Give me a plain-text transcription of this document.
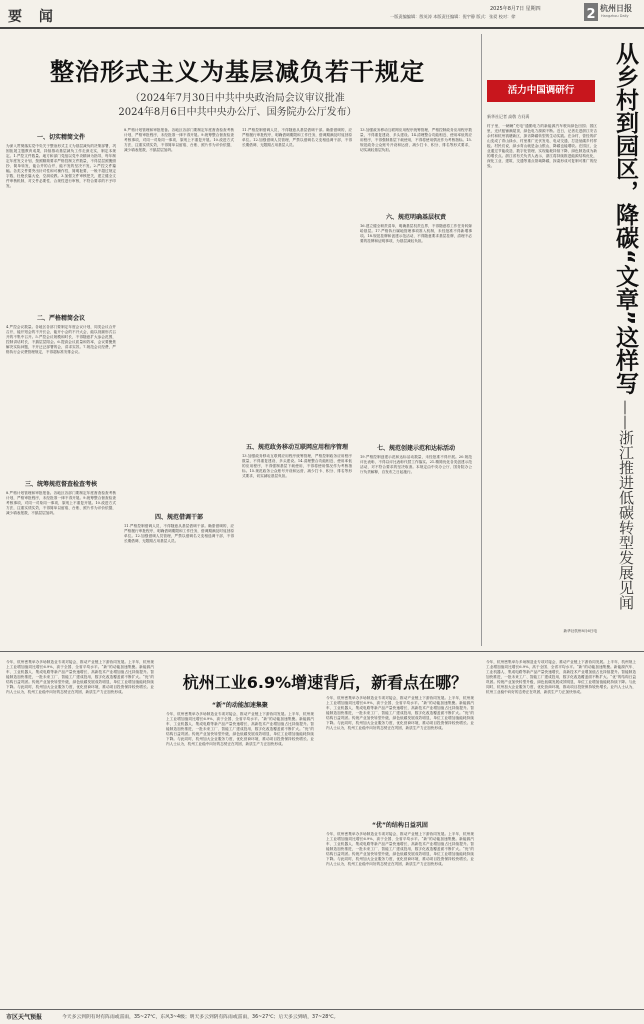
要 闻	2025年8月7日 星期四
一版责编编辑：殷英涛 本版责任编辑：倪宇静 版式：张爱 校对：徐	2 杭州日报
Hangzhou Daily
整治形式主义为基层减负若干规定
（2024年7月30日中共中央政治局会议审议批准
2024年8月6日中共中央办公厅、国务院办公厅发布）
一、切实精简文件
为深入贯彻落实党中央关于整治形式主义为基层减负的决策部署，巩固拓展主题教育成果，持续推动基层减负工作走深走实，制定本规定。1.严控文件数量。地方和部门党组以党中央精神为指导，每年制定年度发文计划，按照精简要求严格控制文件数量，不得层层照搬照抄、简单转发，能合并的合并，能不发的坚决不发。2.严控文件篇幅。各类文件要突出针对性和可操作性，简明扼要，一般不超过规定字数，杜绝长篇大论、空洞说教。3.加强文件审核把关，建立健全文件审核机制，对文件必要性、合规性进行审核，不符合要求的不予印发。
二、严格精简会议
4.严控会议数量。各地区各部门要制定年度会议计划，同类会议合并召开，能开短会的不开长会，能开小会的不开大会，能以视频形式召开的不集中召开。5.严控会议规模和时长，不得随意扩大参会范围，控制讲话时长，不搞层层陪会。6.提高会议质量和效率，会议要聚焦解决实际问题，不开泛泛部署的会，讲求实效。7.规范会议经费，严格执行会议费管理规定，不得超标准安排会议。
三、统筹规范督查检查考核
8.严格计划管理和审批报备。各地区各部门要制定年度督查检查考核计划，严格审批程序，未经批准一律不得开展。9.统筹整合督查检查考核事项，对同一对象同一事项，原则上不重复开展。10.改进方式方法，注重实绩实效，不得简单以留痕、台账、照片作为评价依据，减少填表报数，不搞层层加码。
8.严格计划管理和审批报备。各地区各部门要制定年度督查检查考核计划，严格审批程序，未经批准一律不得开展。9.统筹整合督查检查考核事项，对同一对象同一事项，原则上不重复开展。10.改进方式方法，注重实绩实效，不得简单以留痕、台账、照片作为评价依据，减少填表报数，不搞层层加码。
四、规范借调干部
11.严格控制借调人员，不得随意从基层借调干部。确需借调的，应严格履行审批程序，明确借调期限和工作任务，借调期满及时返回原单位。12.加强借调人员管理，严禁以借调名义变相选调干部，不得长期借调、无限期占用基层人员。
11.严格控制借调人员，不得随意从基层借调干部。确需借调的，应严格履行审批程序，明确借调期限和工作任务，借调期满及时返回原单位。12.加强借调人员管理，严禁以借调名义变相选调干部，不得长期借调、无限期占用基层人员。
五、规范政务移动互联网应用程序管理
13.加强政务移动互联网应用程序统筹管理，严格控制政务应用程序数量，不得重复建设、多头建设。14.清理整合功能相近、使用率低的应用程序，不得强制基层下载使用，不得将使用情况作为考核指标。15.规范政务公众账号开设和运营，减少打卡、积分、排名等形式要求，切实减轻基层负担。
13.加强政务移动互联网应用程序统筹管理，严格控制政务应用程序数量，不得重复建设、多头建设。14.清理整合功能相近、使用率低的应用程序，不得强制基层下载使用，不得将使用情况作为考核指标。15.规范政务公众账号开设和运营，减少打卡、积分、排名等形式要求，切实减轻基层负担。
六、规范明确基层权责
16.建立健全职责清单，明确基层权责边界，不得随意将工作任务转嫁给基层。17.严格执行属地管理事项准入机制，未经批准不得新增事项。18.规范挂牌和创建示范活动，不得随意要求基层挂牌，清理不必要的挂牌和证明事项，为基层减轻负担。
七、规范创建示范和达标活动
19.严格控制创建示范和达标活动数量，未经批准不得开展。20.规范评比表彰，不得以评比表彰代替工作落实。21.精简优化各类创建示范活动，对不符合要求的坚决取消。本规定由中央办公厅、国务院办公厅负责解释，自发布之日起施行。
活力中国调研行
新华社记者 高敬 方问禹	从乡村到园区，降碳“文章”这样写
——浙江推进低碳转型发展见闻
村子里，一辆辆“充电”通勤电力的新能源汽车驶向绿色田园；园区里，光伏板铺满屋顶，绿色电力源源不断。近日，记者走进浙江安吉余村和杭州钱塘新区，探访降碳转型的生动实践。在余村，曾经的矿山变成了青山绿水，村里推广光伏发电、电动交通，打造低碳乡村样板。村民们说，绿水青山就是金山银山，降碳也能增收。在园区，企业通过节能改造、数字化管理，实现能耗持续下降，绿色制造成为新的增长点。浙江省有关负责人表示，浙江将持续推进能源结构优化，深化工业、建筑、交通等重点领域降碳，探索形成可复制可推广的经验。
新华社杭州8月6日电
杭州工业6.9%增速背后，新看点在哪？
今年，杭州密集举办多场制造业专项对接会，推动产业链上下游协同发展。上半年，杭州规上工业增加值同比增长6.9%，高于全国、全省平均水平。“新”的动能加速集聚。新能源汽车、工业机器人、集成电路等新产品产量快速增长，高新技术产业增加值占比持续提升。智能制造加快推进，一批未来工厂、智能工厂建成投用，数字化改造覆盖面不断扩大。“优”的结构日益巩固。传统产业加快转型升级，绿色低碳发展成效明显，单位工业增加值能耗持续下降。与此同时，杭州加大企业服务力度，优化营商环境，推动项目投资保持较快增长。业内人士认为，杭州工业稳中向好的态势正在巩固，新质生产力正加快形成。
“新”的动能加速集聚
今年，杭州密集举办多场制造业专项对接会，推动产业链上下游协同发展。上半年，杭州规上工业增加值同比增长6.9%，高于全国、全省平均水平。“新”的动能加速集聚。新能源汽车、工业机器人、集成电路等新产品产量快速增长，高新技术产业增加值占比持续提升。智能制造加快推进，一批未来工厂、智能工厂建成投用，数字化改造覆盖面不断扩大。“优”的结构日益巩固。传统产业加快转型升级，绿色低碳发展成效明显，单位工业增加值能耗持续下降。与此同时，杭州加大企业服务力度，优化营商环境，推动项目投资保持较快增长。业内人士认为，杭州工业稳中向好的态势正在巩固，新质生产力正加快形成。
今年，杭州密集举办多场制造业专项对接会，推动产业链上下游协同发展。上半年，杭州规上工业增加值同比增长6.9%，高于全国、全省平均水平。“新”的动能加速集聚。新能源汽车、工业机器人、集成电路等新产品产量快速增长，高新技术产业增加值占比持续提升。智能制造加快推进，一批未来工厂、智能工厂建成投用，数字化改造覆盖面不断扩大。“优”的结构日益巩固。传统产业加快转型升级，绿色低碳发展成效明显，单位工业增加值能耗持续下降。与此同时，杭州加大企业服务力度，优化营商环境，推动项目投资保持较快增长。业内人士认为，杭州工业稳中向好的态势正在巩固，新质生产力正加快形成。
“优”的结构日益巩固
今年，杭州密集举办多场制造业专项对接会，推动产业链上下游协同发展。上半年，杭州规上工业增加值同比增长6.9%，高于全国、全省平均水平。“新”的动能加速集聚。新能源汽车、工业机器人、集成电路等新产品产量快速增长，高新技术产业增加值占比持续提升。智能制造加快推进，一批未来工厂、智能工厂建成投用，数字化改造覆盖面不断扩大。“优”的结构日益巩固。传统产业加快转型升级，绿色低碳发展成效明显，单位工业增加值能耗持续下降。与此同时，杭州加大企业服务力度，优化营商环境，推动项目投资保持较快增长。业内人士认为，杭州工业稳中向好的态势正在巩固，新质生产力正加快形成。
今年，杭州密集举办多场制造业专项对接会，推动产业链上下游协同发展。上半年，杭州规上工业增加值同比增长6.9%，高于全国、全省平均水平。“新”的动能加速集聚。新能源汽车、工业机器人、集成电路等新产品产量快速增长，高新技术产业增加值占比持续提升。智能制造加快推进，一批未来工厂、智能工厂建成投用，数字化改造覆盖面不断扩大。“优”的结构日益巩固。传统产业加快转型升级，绿色低碳发展成效明显，单位工业增加值能耗持续下降。与此同时，杭州加大企业服务力度，优化营商环境，推动项目投资保持较快增长。业内人士认为，杭州工业稳中向好的态势正在巩固，新质生产力正加快形成。
市区天气预报	今天多云到阴有时有阵雨或雷雨，35~27℃，东风3~4级；明天多云到阴有阵雨或雷雨，36~27℃；后天多云到晴，37~28℃。
